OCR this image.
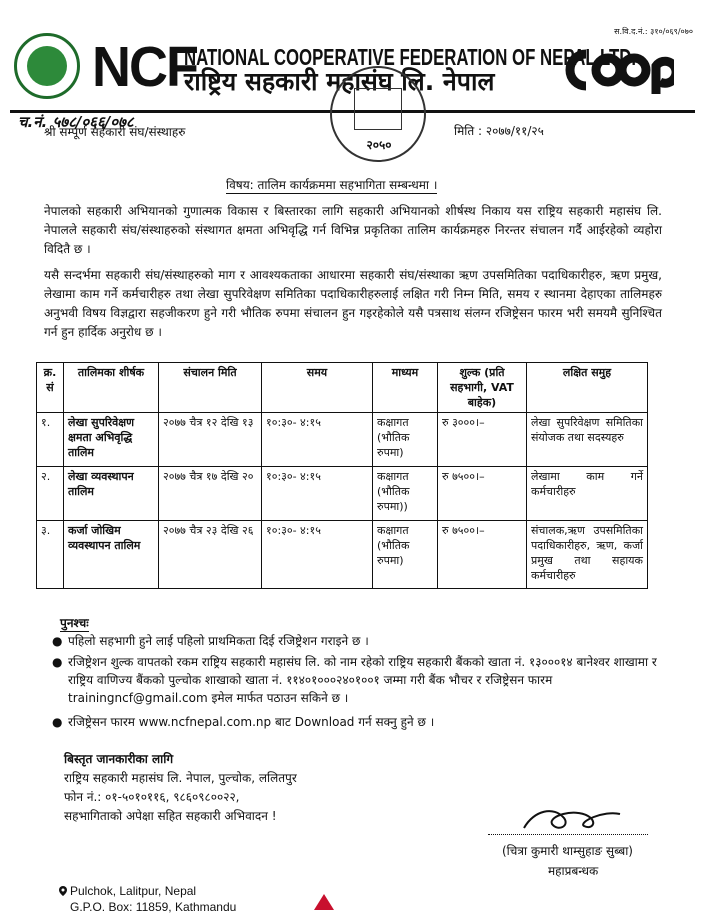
स.वि.द.नं.: ३१०/०६९/०७०
NCF
NATIONAL COOPERATIVE FEDERATION OF NEPAL LTD.
राष्ट्रिय सहकारी महासंघ लि. नेपाल
२०५०
च.नं. ५७८/०६६/०७८
श्री सम्पूर्ण सहकारी संघ/संस्थाहरु	मिति : २०७७/११/२५
विषय: तालिम कार्यक्रममा सहभागिता सम्बन्धमा ।
नेपालको सहकारी अभियानको गुणात्मक विकास र बिस्तारका लागि सहकारी अभियानको शीर्षस्थ निकाय यस राष्ट्रिय सहकारी महासंघ लि. नेपालले सहकारी संघ/संस्थाहरुको संस्थागत क्षमता अभिवृद्धि गर्न विभिन्न प्रकृतिका तालिम कार्यक्रमहरु निरन्तर संचालन गर्दै आईरहेको व्यहोरा विदितै छ ।
यसै सन्दर्भमा सहकारी संघ/संस्थाहरुको माग र आवश्यकताका आधारमा सहकारी संघ/संस्थाका ऋण उपसमितिका पदाधिकारीहरु, ऋण प्रमुख, लेखामा काम गर्ने कर्मचारीहरु तथा लेखा सुपरिवेक्षण समितिका पदाधिकारीहरुलाई लक्षित गरी निम्न मिति, समय र स्थानमा देहाएका तालिमहरु अनुभवी विषय विज्ञद्वारा सहजीकरण हुने गरी भौतिक रुपमा संचालन हुन गइरहेकोले यसै पत्रसाथ संलग्न रजिष्ट्रेसन फारम भरी समयमै सुनिश्चित गर्न हुन हार्दिक अनुरोध छ ।
क्र. सं	तालिमका शीर्षक	संचालन मिति	समय	माध्यम	शुल्क (प्रति सहभागी, VAT बाहेक)	लक्षित समुह
१.	लेखा सुपरिवेक्षण क्षमता अभिवृद्धि तालिम	२०७७ चैत्र १२ देखि १३	१०:३०- ४:१५	कक्षागत (भौतिक रुपमा)	रु ३०००।–	लेखा सुपरिवेक्षण समितिका संयोजक तथा सदस्यहरु
२.	लेखा व्यवस्थापन तालिम	२०७७ चैत्र १७ देखि २०	१०:३०- ४:१५	कक्षागत (भौतिक रुपमा))	रु ७५००।–	लेखामा काम गर्ने कर्मचारीहरु
३.	कर्जा जोखिम व्यवस्थापन तालिम	२०७७ चैत्र २३ देखि २६	१०:३०- ४:१५	कक्षागत (भौतिक रुपमा)	रु ७५००।–	संचालक,ऋण उपसमितिका पदाधिकारीहरु, ऋण, कर्जा प्रमुख तथा सहायक कर्मचारीहरु
पुनश्चः
● पहिलो सहभागी हुने लाई पहिलो प्राथमिकता दिई रजिष्ट्रेशन गराइने छ ।
● रजिष्ट्रेशन शुल्क वापतको रकम राष्ट्रिय सहकारी महासंघ लि. को नाम रहेको राष्ट्रिय सहकारी बैंकको खाता नं. १३०००१४ बानेश्वर शाखामा र राष्ट्रिय वाणिज्य बैंकको पुल्चोक शाखाको खाता नं. ११४०१०००२४०१००१ जम्मा गरी बैंक भौचर र रजिष्ट्रेसन फारम trainingncf@gmail.com इमेल मार्फत पठाउन सकिने छ ।
● रजिष्ट्रेसन फारम www.ncfnepal.com.np बाट Download गर्न सक्नु हुने छ ।
बिस्तृत जानकारीका लागि
राष्ट्रिय सहकारी महासंघ लि. नेपाल, पुल्चोक, ललितपुर
फोन नं.: ०१-५०१०११६, ९८६०९८००२२,
सहभागिताको अपेक्षा सहित सहकारी अभिवादन !
(चित्रा कुमारी थाम्सुहाङ सुब्बा)
महाप्रबन्धक
Pulchok, Lalitpur, Nepal
G.P.O. Box: 11859, Kathmandu
